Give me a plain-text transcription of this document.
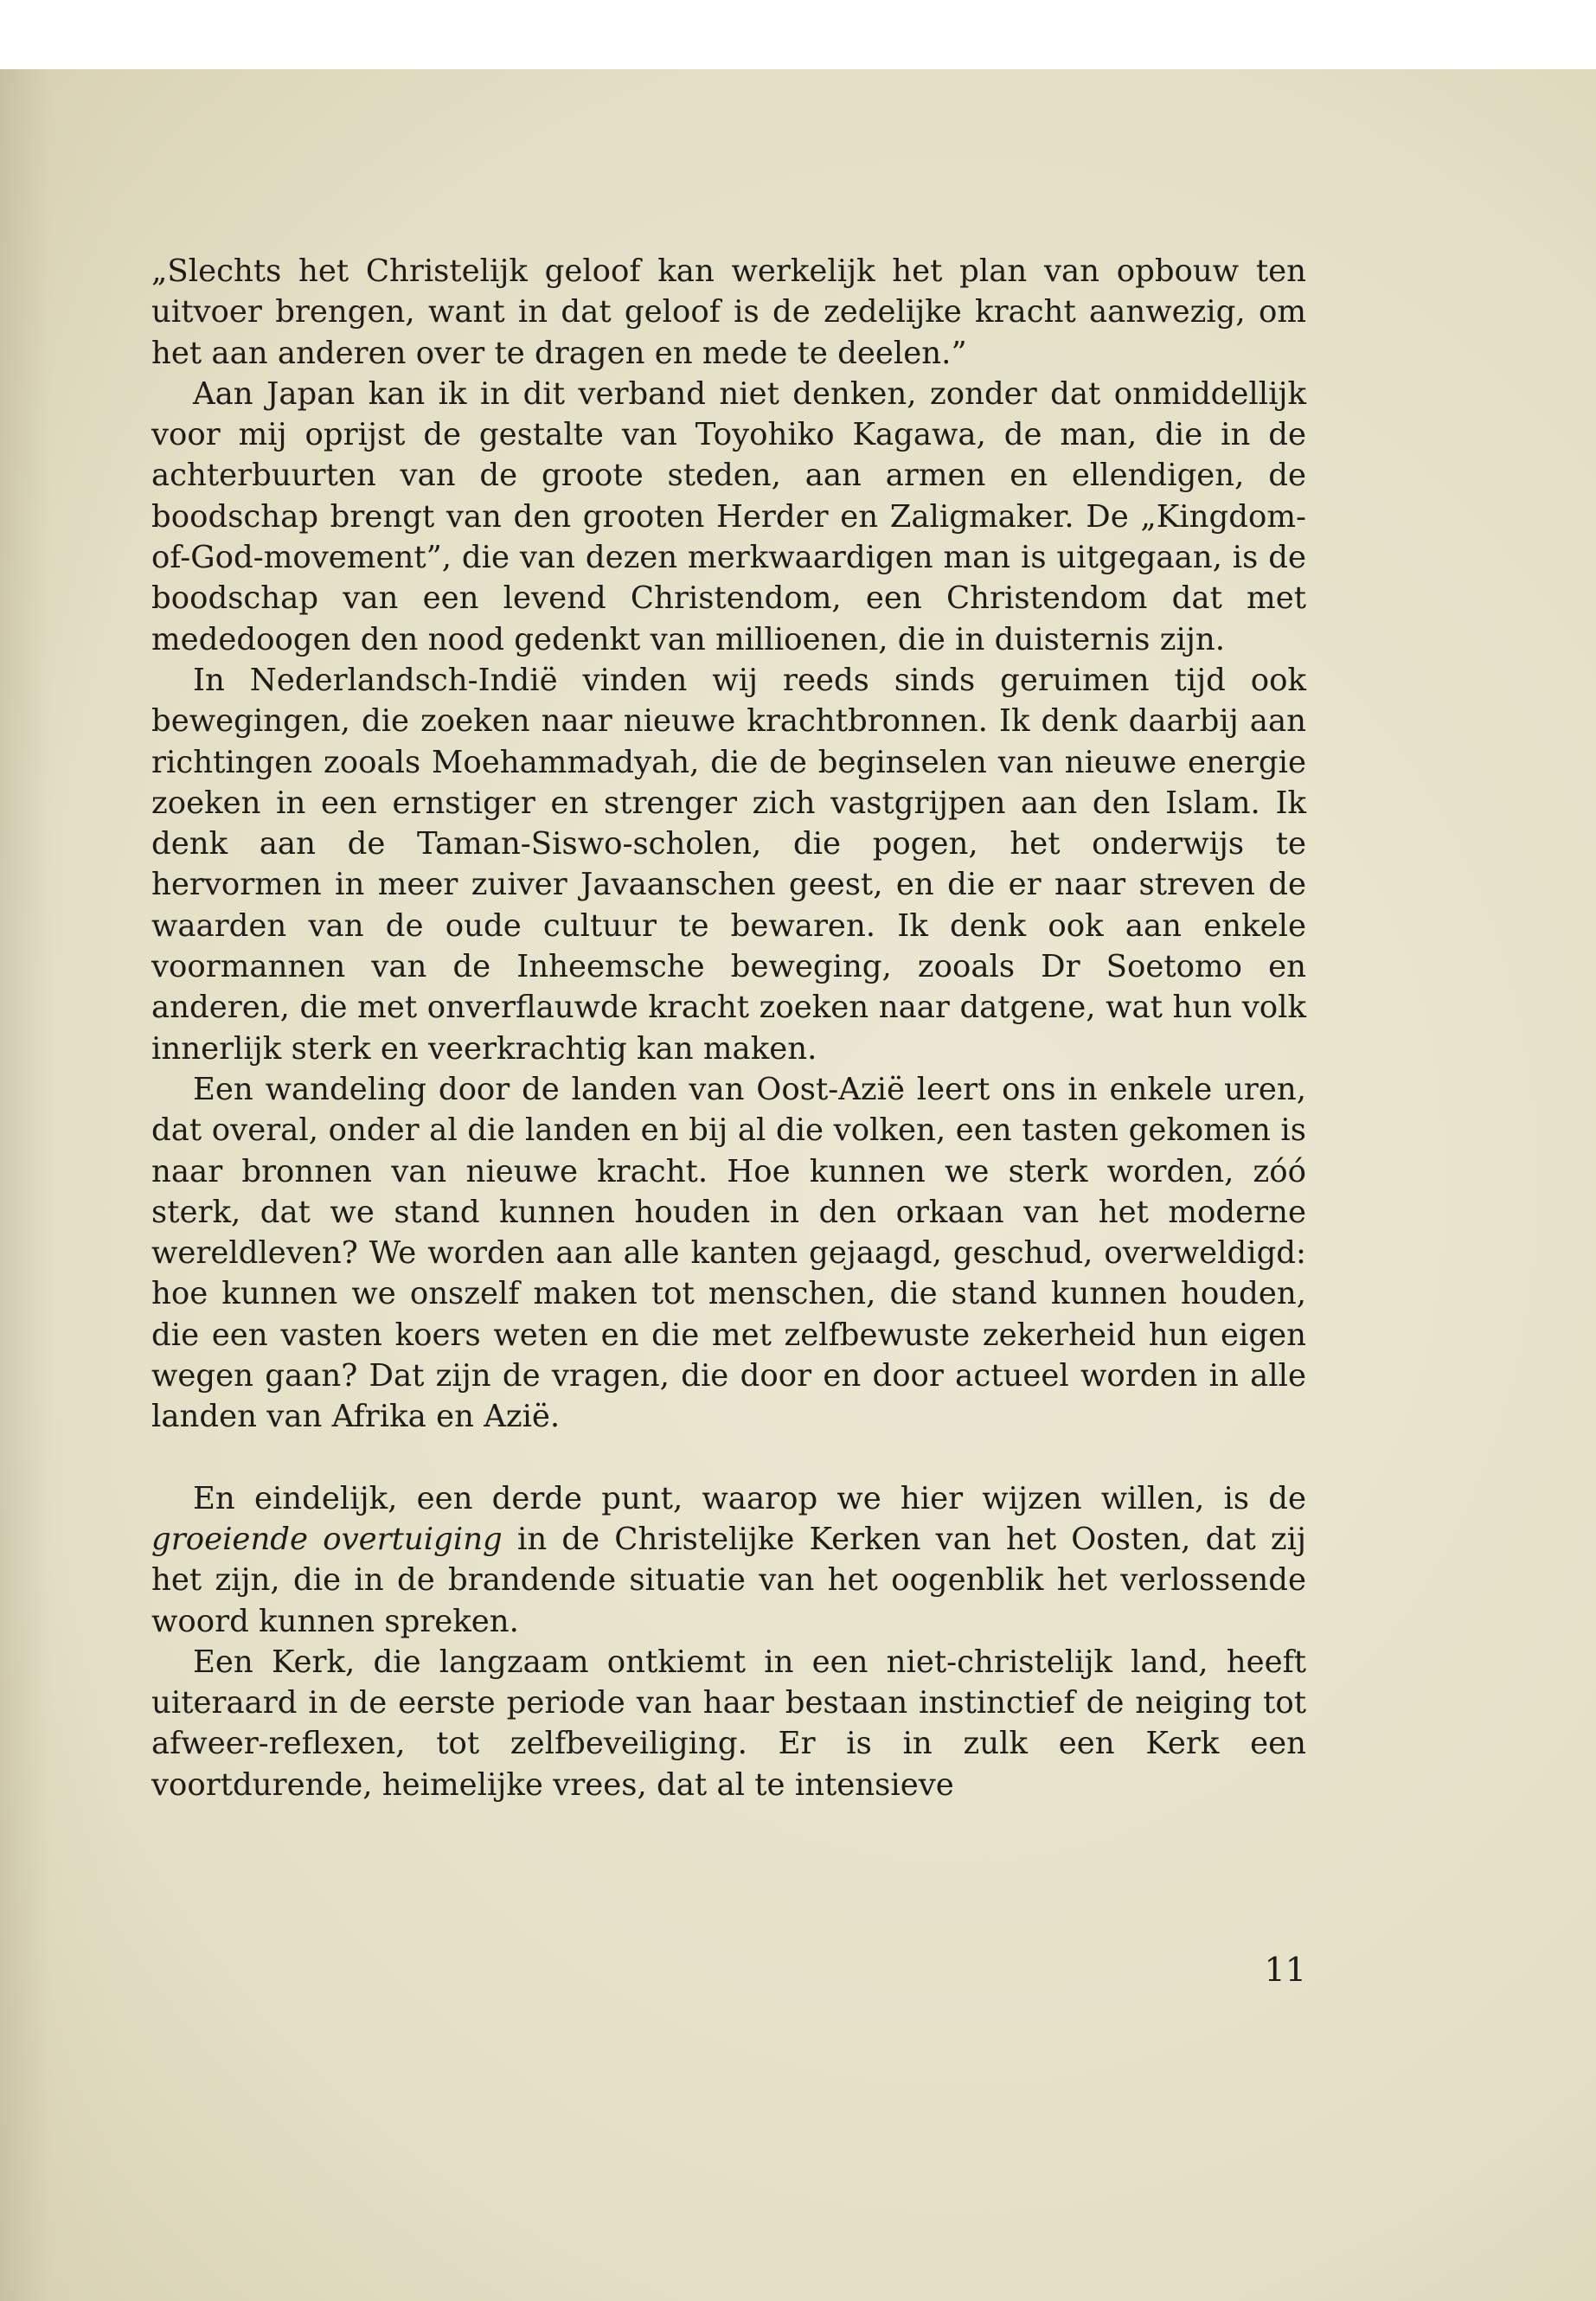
„Slechts het Christelijk geloof kan werkelijk het plan van opbouw ten uitvoer brengen, want in dat geloof is de zedelijke kracht aanwezig, om het aan anderen over te dragen en mede te deelen.”

Aan Japan kan ik in dit verband niet denken, zonder dat onmiddellijk voor mij oprijst de gestalte van Toyohiko Kagawa, de man, die in de achterbuurten van de groote steden, aan armen en ellendigen, de boodschap brengt van den grooten Herder en Zaligmaker. De „Kingdom-of-God-movement”, die van dezen merkwaardigen man is uitgegaan, is de boodschap van een levend Christendom, een Christendom dat met mededoogen den nood gedenkt van millioenen, die in duisternis zijn.

In Nederlandsch-Indië vinden wij reeds sinds geruimen tijd ook bewegingen, die zoeken naar nieuwe krachtbronnen. Ik denk daarbij aan richtingen zooals Moehammadyah, die de beginselen van nieuwe energie zoeken in een ernstiger en strenger zich vastgrijpen aan den Islam. Ik denk aan de Taman-Siswo-scholen, die pogen, het onderwijs te hervormen in meer zuiver Javaanschen geest, en die er naar streven de waarden van de oude cultuur te bewaren. Ik denk ook aan enkele voormannen van de Inheemsche beweging, zooals Dr Soetomo en anderen, die met onverflauwde kracht zoeken naar datgene, wat hun volk innerlijk sterk en veerkrachtig kan maken.

Een wandeling door de landen van Oost-Azië leert ons in enkele uren, dat overal, onder al die landen en bij al die volken, een tasten gekomen is naar bronnen van nieuwe kracht. Hoe kunnen we sterk worden, zóó sterk, dat we stand kunnen houden in den orkaan van het moderne wereldleven? We worden aan alle kanten gejaagd, geschud, overweldigd: hoe kunnen we onszelf maken tot menschen, die stand kunnen houden, die een vasten koers weten en die met zelfbewuste zekerheid hun eigen wegen gaan? Dat zijn de vragen, die door en door actueel worden in alle landen van Afrika en Azië.

En eindelijk, een derde punt, waarop we hier wijzen willen, is de groeiende overtuiging in de Christelijke Kerken van het Oosten, dat zij het zijn, die in de brandende situatie van het oogenblik het verlossende woord kunnen spreken.

Een Kerk, die langzaam ontkiemt in een niet-christelijk land, heeft uiteraard in de eerste periode van haar bestaan instinctief de neiging tot afweer-reflexen, tot zelfbeveiliging. Er is in zulk een Kerk een voortdurende, heimelijke vrees, dat al te intensieve

11
